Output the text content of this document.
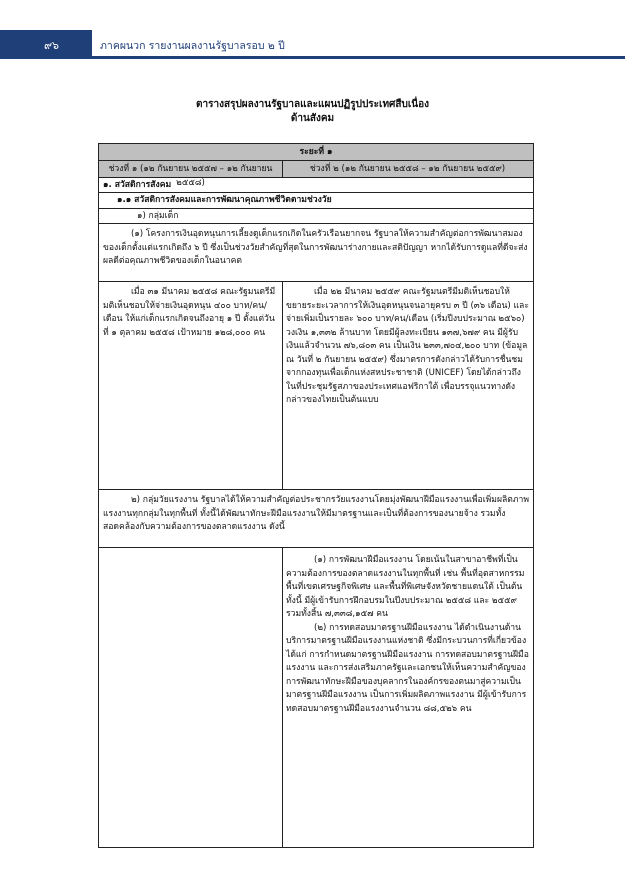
๙๖	ภาคผนวก รายงานผลงานรัฐบาลรอบ ๒ ปี
ตารางสรุปผลงานรัฐบาลและแผนปฏิรูปประเทศสืบเนื่อง
ด้านสังคม
ระยะที่ ๑
ช่วงที่ ๑ (๑๒ กันยายน ๒๕๕๗ – ๑๒ กันยายน ๒๕๕๘)
ช่วงที่ ๒ (๑๒ กันยายน ๒๕๕๘ – ๑๒ กันยายน ๒๕๕๙)
๑. สวัสดิการสังคม
๑.๑ สวัสดิการสังคมและการพัฒนาคุณภาพชีวิตตามช่วงวัย
๑) กลุ่มเด็ก
(๑) โครงการเงินอุดหนุนการเลี้ยงดูเด็กแรกเกิดในครัวเรือนยากจน รัฐบาลให้ความสำคัญต่อการพัฒนาสมองของเด็กตั้งแต่แรกเกิดถึง ๖ ปี ซึ่งเป็นช่วงวัยสำคัญที่สุดในการพัฒนาร่างกายและสติปัญญา หากได้รับการดูแลที่ดีจะส่งผลดีต่อคุณภาพชีวิตของเด็กในอนาคต
เมื่อ ๓๑ มีนาคม ๒๕๕๘ คณะรัฐมนตรีมีมติเห็นชอบให้จ่ายเงินอุดหนุน ๔๐๐ บาท/คน/เดือน ให้แก่เด็กแรกเกิดจนถึงอายุ ๑ ปี ตั้งแต่วันที่ ๑ ตุลาคม ๒๕๕๘ เป้าหมาย ๑๒๘,๐๐๐ คน
เมื่อ ๒๒ มีนาคม ๒๕๕๙ คณะรัฐมนตรีมีมติเห็นชอบให้ขยายระยะเวลาการให้เงินอุดหนุนจนอายุครบ ๓ ปี (๓๖ เดือน) และจ่ายเพิ่มเป็นรายละ ๖๐๐ บาท/คน/เดือน (เริ่มปีงบประมาณ ๒๕๖๐) วงเงิน ๑,๓๓๒ ล้านบาท โดยมีผู้ลงทะเบียน ๑๓๗,๖๗๙ คน มีผู้รับเงินแล้วจำนวน ๗๖,๘๐๓ คน เป็นเงิน ๒๓๓,๗๐๔,๒๐๐ บาท (ข้อมูล ณ วันที่ ๒ กันยายน ๒๕๕๙) ซึ่งมาตรการดังกล่าวได้รับการชื่นชมจากกองทุนเพื่อเด็กแห่งสหประชาชาติ (UNICEF) โดยได้กล่าวถึง ในที่ประชุมรัฐสภาของประเทศแอฟริกาใต้ เพื่อบรรจุแนวทางดังกล่าวของไทยเป็นต้นแบบ
๒) กลุ่มวัยแรงงาน รัฐบาลได้ให้ความสำคัญต่อประชากรวัยแรงงานโดยมุ่งพัฒนาฝีมือแรงงานเพื่อเพิ่มผลิตภาพแรงงานทุกกลุ่มในทุกพื้นที่ ทั้งนี้ได้พัฒนาทักษะฝีมือแรงงานให้มีมาตรฐานและเป็นที่ต้องการของนายจ้าง รวมทั้งสอดคล้องกับความต้องการของตลาดแรงงาน ดังนี้

(๑) การพัฒนาฝีมือแรงงาน โดยเน้นในสาขาอาชีพที่เป็นความต้องการของตลาดแรงงานในทุกพื้นที่ เช่น พื้นที่อุตสาหกรรม พื้นที่เขตเศรษฐกิจพิเศษ และพื้นที่พิเศษจังหวัดชายแดนใต้ เป็นต้น ทั้งนี้ มีผู้เข้ารับการฝึกอบรมในปีงบประมาณ ๒๕๕๘ และ ๒๕๕๙ รวมทั้งสิ้น ๗,๓๓๘,๑๕๗ คน

(๒) การทดสอบมาตรฐานฝีมือแรงงาน ได้ดำเนินงานด้านบริการมาตรฐานฝีมือแรงงานแห่งชาติ ซึ่งมีกระบวนการที่เกี่ยวข้อง ได้แก่ การกำหนดมาตรฐานฝีมือแรงงาน การทดสอบมาตรฐานฝีมือแรงงาน และการส่งเสริมภาครัฐและเอกชนให้เห็นความสำคัญของการพัฒนาทักษะฝีมือของบุคลากรในองค์กรของตนมาสู่ความเป็นมาตรฐานฝีมือแรงงาน เป็นการเพิ่มผลิตภาพแรงงาน มีผู้เข้ารับการทดสอบมาตรฐานฝีมือแรงงานจำนวน ๘๘,๕๒๖ คน
